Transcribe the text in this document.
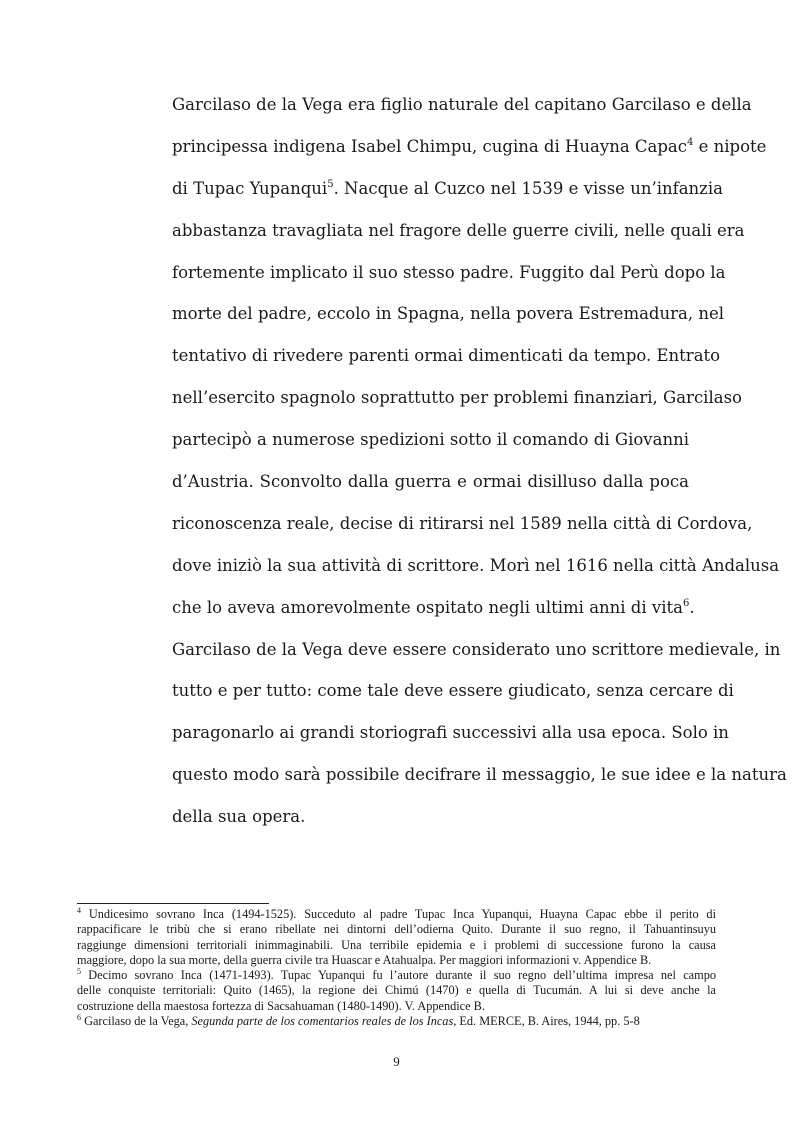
Garcilaso de la Vega era figlio naturale del capitano Garcilaso e della
principessa indigena Isabel Chimpu, cugina di Huayna Capac$^4$ e nipote
di Tupac Yupanqui$^5$. Nacque al Cuzco nel 1539 e visse un’infanzia
abbastanza travagliata nel fragore delle guerre civili, nelle quali era
fortemente implicato il suo stesso padre. Fuggito dal Perù dopo la
morte del padre, eccolo in Spagna, nella povera Estremadura, nel
tentativo di rivedere parenti ormai dimenticati da tempo. Entrato
nell’esercito spagnolo soprattutto per problemi finanziari, Garcilaso
partecipò a numerose spedizioni sotto il comando di Giovanni
d’Austria. Sconvolto dalla guerra e ormai disilluso dalla poca
riconoscenza reale, decise di ritirarsi nel 1589 nella città di Cordova,
dove iniziò la sua attività di scrittore. Morì nel 1616 nella città Andalusa
che lo aveva amorevolmente ospitato negli ultimi anni di vita$^6$.
Garcilaso de la Vega deve essere considerato uno scrittore medievale, in
tutto e per tutto: come tale deve essere giudicato, senza cercare di
paragonarlo ai grandi storiografi successivi alla usa epoca. Solo in
questo modo sarà possibile decifrare il messaggio, le sue idee e la natura
della sua opera.
$^4$ Undicesimo sovrano Inca (1494-1525). Succeduto al padre Tupac Inca Yupanqui, Huayna Capac ebbe il perito di
rappacificare le tribù che si erano ribellate nei dintorni dell’odierna Quito. Durante il suo regno, il Tahuantinsuyu
raggiunge dimensioni territoriali inimmaginabili. Una terribile epidemia e i problemi di successione furono la causa
maggiore, dopo la sua morte, della guerra civile tra Huascar e Atahualpa. Per maggiori informazioni v. Appendice B.
$^5$ Decimo sovrano Inca (1471-1493). Tupac Yupanqui fu l’autore durante il suo regno dell’ultima impresa nel campo
delle conquiste territoriali: Quito (1465), la regione dei Chimú (1470) e quella di Tucumán. A lui si deve anche la
costruzione della maestosa fortezza di Sacsahuaman (1480-1490). V. Appendice B.
$^6$ Garcilaso de la Vega, Segunda parte de los comentarios reales de los Incas, Ed. MERCE, B. Aires, 1944, pp. 5-8
9
